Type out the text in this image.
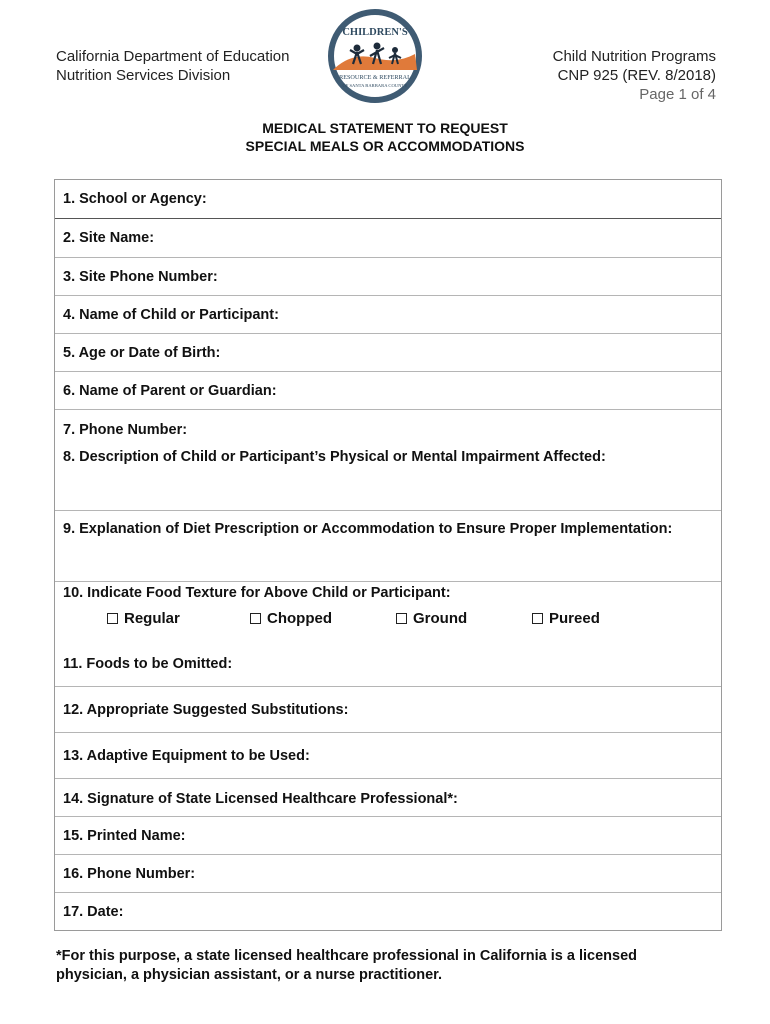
California Department of Education
Nutrition Services Division
CHILDREN'S
RESOURCE & REFERRAL
OF SANTA BARBARA COUNTY
Child Nutrition Programs
CNP 925 (REV. 8/2018)
Page 1 of 4
MEDICAL STATEMENT TO REQUEST
SPECIAL MEALS OR ACCOMMODATIONS
1. School or Agency:
2. Site Name:
3. Site Phone Number:
4. Name of Child or Participant:
5. Age or Date of Birth:
6. Name of Parent or Guardian:
7. Phone Number:
8. Description of Child or Participant’s Physical or Mental Impairment Affected:
9. Explanation of Diet Prescription or Accommodation to Ensure Proper Implementation:
10. Indicate Food Texture for Above Child or Participant:
Regular	Chopped	Ground	Pureed
11. Foods to be Omitted:
12. Appropriate Suggested Substitutions:
13. Adaptive Equipment to be Used:
14. Signature of State Licensed Healthcare Professional*:
15. Printed Name:
16. Phone Number:
17. Date:
*For this purpose, a state licensed healthcare professional in California is a licensed
physician, a physician assistant, or a nurse practitioner.
